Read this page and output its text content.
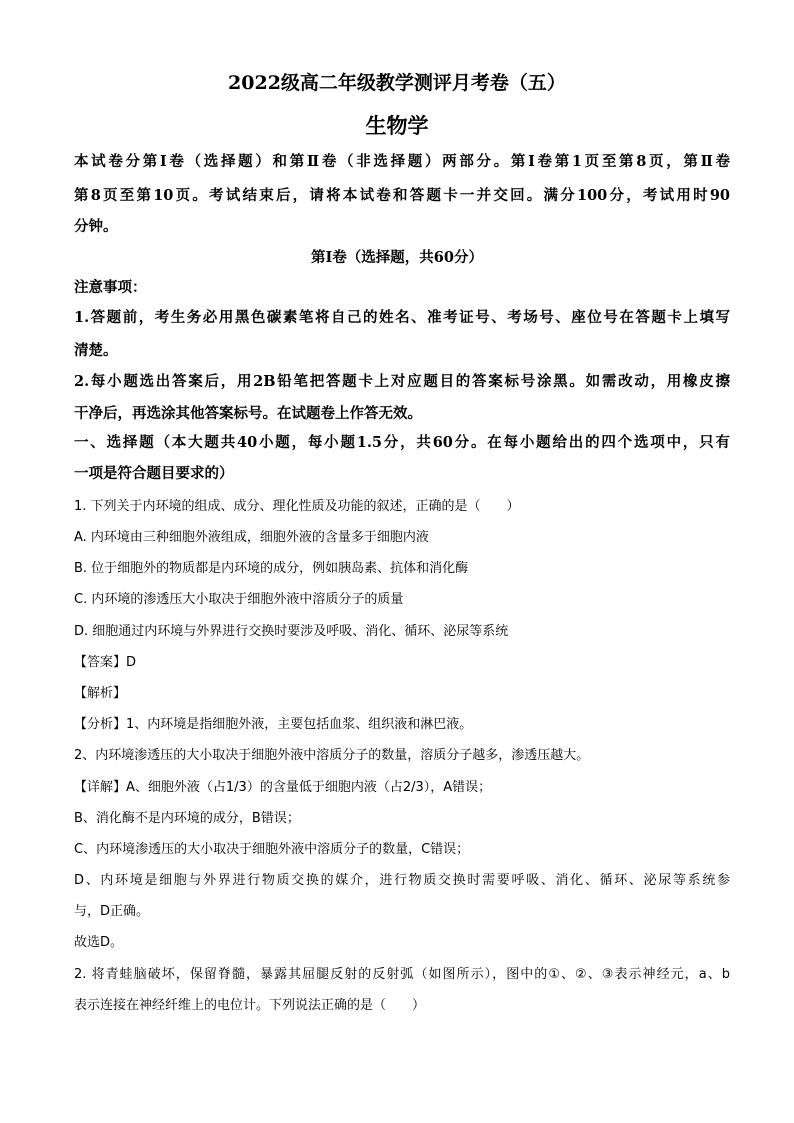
2022级高二年级教学测评月考卷（五）
生物学
本试卷分第Ⅰ卷（选择题）和第Ⅱ卷（非选择题）两部分。第Ⅰ卷第1页至第8页，第Ⅱ卷
第8页至第10页。考试结束后，请将本试卷和答题卡一并交回。满分100分，考试用时90
分钟。
第Ⅰ卷（选择题，共60分）
注意事项：
1.答题前，考生务必用黑色碳素笔将自己的姓名、准考证号、考场号、座位号在答题卡上填写
清楚。
2.每小题选出答案后，用2B铅笔把答题卡上对应题目的答案标号涂黑。如需改动，用橡皮擦
干净后，再选涂其他答案标号。在试题卷上作答无效。
一、选择题（本大题共40小题，每小题1.5分，共60分。在每小题给出的四个选项中，只有
一项是符合题目要求的）
1. 下列关于内环境的组成、成分、理化性质及功能的叙述，正确的是（　　）
A. 内环境由三种细胞外液组成，细胞外液的含量多于细胞内液
B. 位于细胞外的物质都是内环境的成分，例如胰岛素、抗体和消化酶
C. 内环境的渗透压大小取决于细胞外液中溶质分子的质量
D. 细胞通过内环境与外界进行交换时要涉及呼吸、消化、循环、泌尿等系统
【答案】D
【解析】
【分析】1、内环境是指细胞外液，主要包括血浆、组织液和淋巴液。
2、内环境渗透压的大小取决于细胞外液中溶质分子的数量，溶质分子越多，渗透压越大。
【详解】A、细胞外液（占1/3）的含量低于细胞内液（占2/3），A错误；
B、消化酶不是内环境的成分，B错误；
C、内环境渗透压的大小取决于细胞外液中溶质分子的数量，C错误；
D、内环境是细胞与外界进行物质交换的媒介，进行物质交换时需要呼吸、消化、循环、泌尿等系统参
与，D正确。
故选D。
2. 将青蛙脑破坏，保留脊髓，暴露其屈腿反射的反射弧（如图所示），图中的①、②、③表示神经元，a、b
表示连接在神经纤维上的电位计。下列说法正确的是（　　）
